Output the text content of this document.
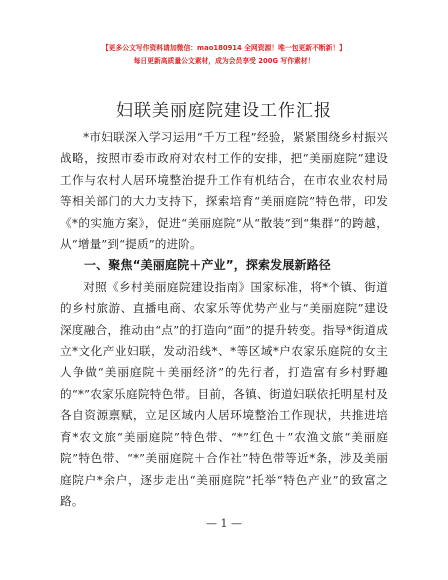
【更多公文写作资料请加微信：mao180914 全网资源！唯一包更新不断新！】
每日更新高质量公文素材，成为会员享受 200G 写作素材！
妇联美丽庭院建设工作汇报

*市妇联深入学习运用“千万工程”经验，紧紧围绕乡村振兴战略，按照市委市政府对农村工作的安排，把“美丽庭院”建设工作与农村人居环境整治提升工作有机结合，在市农业农村局等相关部门的大力支持下，探索培育“美丽庭院”特色带，印发《*的实施方案》，促进“美丽庭院”从“散装”到“集群”的跨越，从“增量”到“提质”的进阶。

一、聚焦“美丽庭院＋产业”，探索发展新路径

对照《乡村美丽庭院建设指南》国家标准，将*个镇、街道的乡村旅游、直播电商、农家乐等优势产业与“美丽庭院”建设深度融合，推动由“点”的打造向“面”的提升转变。指导*街道成立*文化产业妇联，发动沿线*、*等区域*户农家乐庭院的女主人争做“美丽庭院＋美丽经济”的先行者，打造富有乡村野趣的“*”农家乐庭院特色带。目前，各镇、街道妇联依托明星村及各自资源禀赋，立足区域内人居环境整治工作现状，共推进培育*农文旅“美丽庭院”特色带、“*”红色＋”农渔文旅“美丽庭院”特色带、“*”美丽庭院＋合作社”特色带等近*条，涉及美丽庭院户*余户，逐步走出“美丽庭院”托举“特色产业”的致富之路。

— 1 —
